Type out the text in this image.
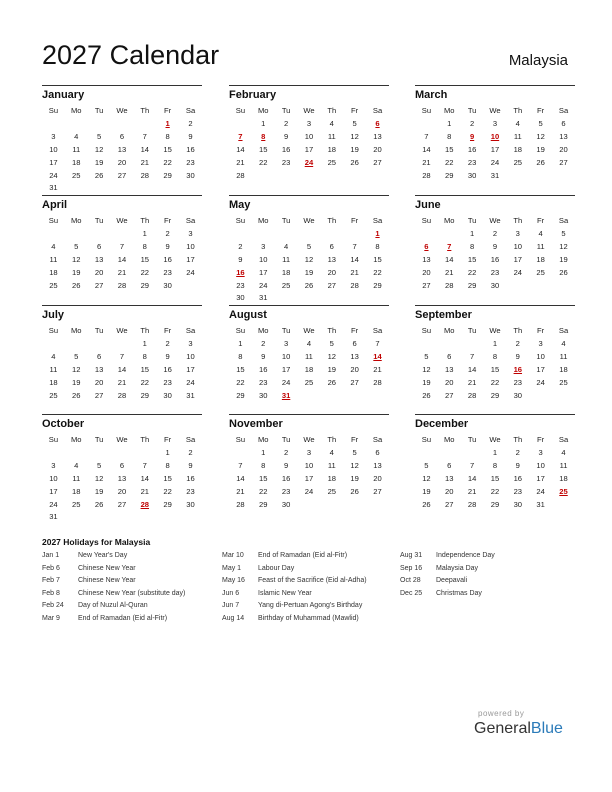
2027 Calendar	Malaysia
January
Su	Mo	Tu	We	Th	Fr	Sa
					1	2
3	4	5	6	7	8	9
10	11	12	13	14	15	16
17	18	19	20	21	22	23
24	25	26	27	28	29	30
31						
February
Su	Mo	Tu	We	Th	Fr	Sa
	1	2	3	4	5	6
7	8	9	10	11	12	13
14	15	16	17	18	19	20
21	22	23	24	25	26	27
28						
March
Su	Mo	Tu	We	Th	Fr	Sa
	1	2	3	4	5	6
7	8	9	10	11	12	13
14	15	16	17	18	19	20
21	22	23	24	25	26	27
28	29	30	31			
April
Su	Mo	Tu	We	Th	Fr	Sa
				1	2	3
4	5	6	7	8	9	10
11	12	13	14	15	16	17
18	19	20	21	22	23	24
25	26	27	28	29	30	
May
Su	Mo	Tu	We	Th	Fr	Sa
						1
2	3	4	5	6	7	8
9	10	11	12	13	14	15
16	17	18	19	20	21	22
23	24	25	26	27	28	29
30	31					
June
Su	Mo	Tu	We	Th	Fr	Sa
		1	2	3	4	5
6	7	8	9	10	11	12
13	14	15	16	17	18	19
20	21	22	23	24	25	26
27	28	29	30			
July
Su	Mo	Tu	We	Th	Fr	Sa
				1	2	3
4	5	6	7	8	9	10
11	12	13	14	15	16	17
18	19	20	21	22	23	24
25	26	27	28	29	30	31
August
Su	Mo	Tu	We	Th	Fr	Sa
1	2	3	4	5	6	7
8	9	10	11	12	13	14
15	16	17	18	19	20	21
22	23	24	25	26	27	28
29	30	31				
September
Su	Mo	Tu	We	Th	Fr	Sa
			1	2	3	4
5	6	7	8	9	10	11
12	13	14	15	16	17	18
19	20	21	22	23	24	25
26	27	28	29	30		
October
Su	Mo	Tu	We	Th	Fr	Sa
					1	2
3	4	5	6	7	8	9
10	11	12	13	14	15	16
17	18	19	20	21	22	23
24	25	26	27	28	29	30
31						
November
Su	Mo	Tu	We	Th	Fr	Sa
	1	2	3	4	5	6
7	8	9	10	11	12	13
14	15	16	17	18	19	20
21	22	23	24	25	26	27
28	29	30				
December
Su	Mo	Tu	We	Th	Fr	Sa
			1	2	3	4
5	6	7	8	9	10	11
12	13	14	15	16	17	18
19	20	21	22	23	24	25
26	27	28	29	30	31	
2027 Holidays for Malaysia
Jan 1	New Year's Day
Feb 6	Chinese New Year
Feb 7	Chinese New Year
Feb 8	Chinese New Year (substitute day)
Feb 24 Day of Nuzul Al-Quran
Mar 9	End of Ramadan (Eid al-Fitr)
Mar 10 End of Ramadan (Eid al-Fitr)
May 1 Labour Day
May 16 Feast of the Sacrifice (Eid al-Adha)
Jun 6	Islamic New Year
Jun 7	Yang di-Pertuan Agong's Birthday
Aug 14 Birthday of Muhammad (Mawlid)
Aug 31 Independence Day
Sep 16 Malaysia Day
Oct 28 Deepavali
Dec 25 Christmas Day
powered by
GeneralBlue
